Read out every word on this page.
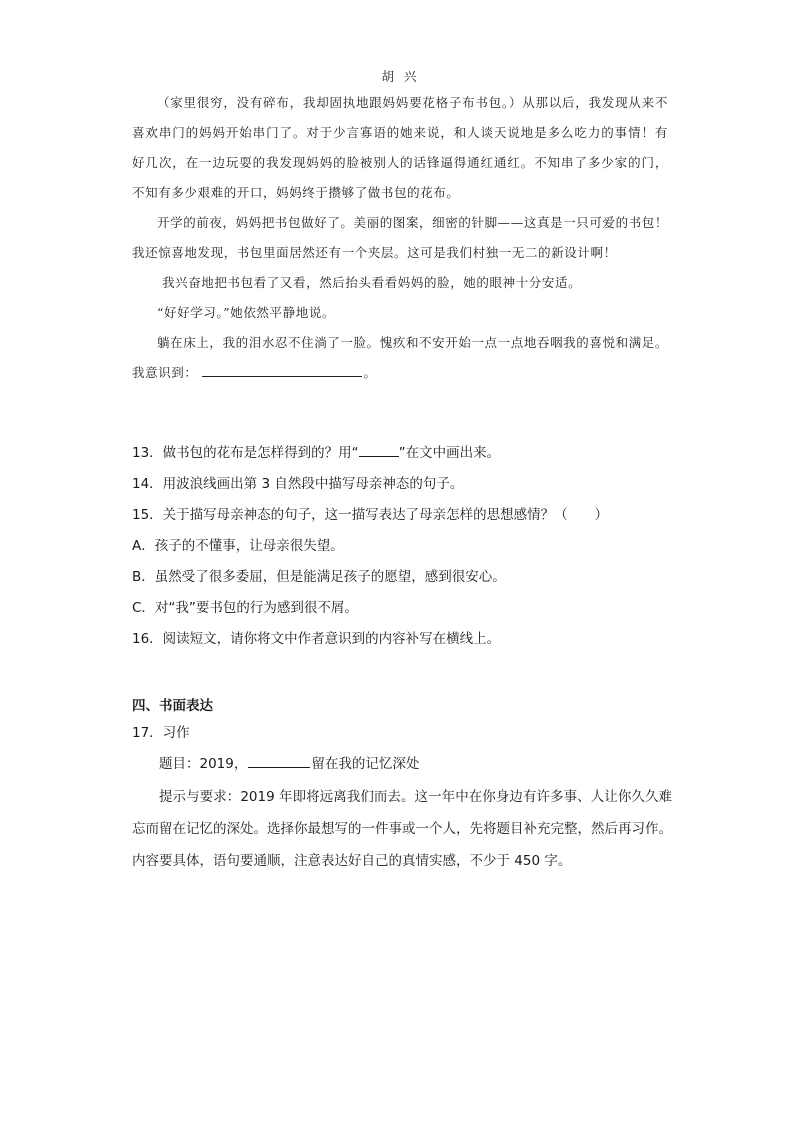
胡兴

（家里很穷，没有碎布，我却固执地跟妈妈要花格子布书包。）从那以后，我发现从来不喜欢串门的妈妈开始串门了。对于少言寡语的她来说，和人谈天说地是多么吃力的事情！有好几次，在一边玩耍的我发现妈妈的脸被别人的话锋逼得通红通红。不知串了多少家的门，不知有多少艰难的开口，妈妈终于攒够了做书包的花布。

开学的前夜，妈妈把书包做好了。美丽的图案，细密的针脚——这真是一只可爱的书包！我还惊喜地发现，书包里面居然还有一个夹层。这可是我们村独一无二的新设计啊！

我兴奋地把书包看了又看，然后抬头看看妈妈的脸，她的眼神十分安适。

“好好学习。”她依然平静地说。

躺在床上，我的泪水忍不住淌了一脸。愧疚和不安开始一点一点地吞咽我的喜悦和满足。我意识到：	。

13．做书包的花布是怎样得到的？用“	”在文中画出来。
14．用波浪线画出第 3 自然段中描写母亲神态的句子。
15．关于描写母亲神态的句子，这一描写表达了母亲怎样的思想感情？（　　）
A．孩子的不懂事，让母亲很失望。
B．虽然受了很多委屈，但是能满足孩子的愿望，感到很安心。
C．对“我”要书包的行为感到很不屑。
16．阅读短文，请你将文中作者意识到的内容补写在横线上。
四、书面表达
17．习作
题目：2019，	留在我的记忆深处

提示与要求：2019 年即将远离我们而去。这一年中在你身边有许多事、人让你久久难忘而留在记忆的深处。选择你最想写的一件事或一个人，先将题目补充完整，然后再习作。内容要具体，语句要通顺，注意表达好自己的真情实感，不少于 450 字。
